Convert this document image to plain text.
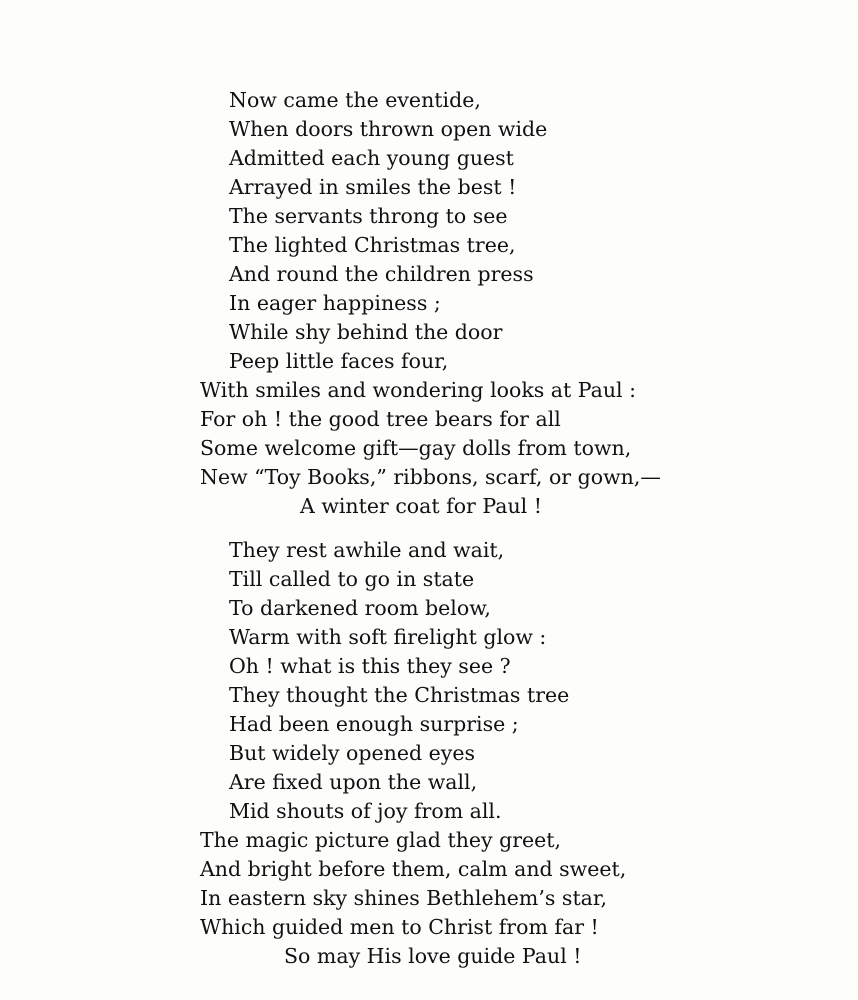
Now came the eventide,
When doors thrown open wide
Admitted each young guest
Arrayed in smiles the best !
The servants throng to see
The lighted Christmas tree,
And round the children press
In eager happiness ;
While shy behind the door
Peep little faces four,
With smiles and wondering looks at Paul :
For oh ! the good tree bears for all
Some welcome gift—gay dolls from town,
New “Toy Books,” ribbons, scarf, or gown,—
A winter coat for Paul !
They rest awhile and wait,
Till called to go in state
To darkened room below,
Warm with soft firelight glow :
Oh ! what is this they see ?
They thought the Christmas tree
Had been enough surprise ;
But widely opened eyes
Are fixed upon the wall,
Mid shouts of joy from all.
The magic picture glad they greet,
And bright before them, calm and sweet,
In eastern sky shines Bethlehem’s star,
Which guided men to Christ from far !
So may His love guide Paul !
